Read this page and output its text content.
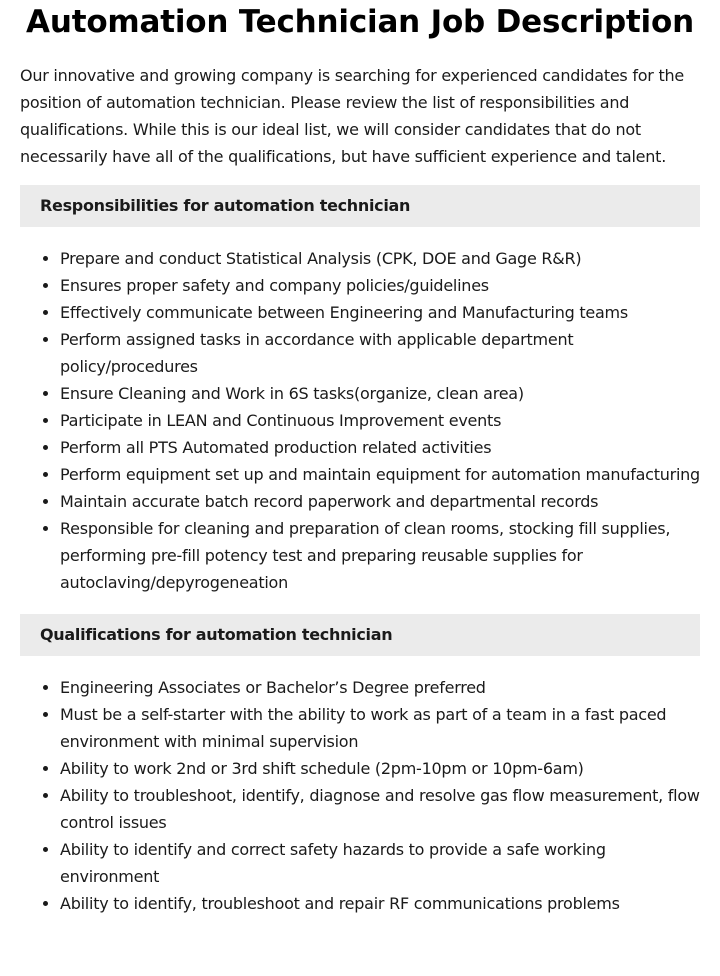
Automation Technician Job Description

Our innovative and growing company is searching for experienced candidates for the position of automation technician. Please review the list of responsibilities and qualifications. While this is our ideal list, we will consider candidates that do not necessarily have all of the qualifications, but have sufficient experience and talent.

Responsibilities for automation technician
• Prepare and conduct Statistical Analysis (CPK, DOE and Gage R&R)
• Ensures proper safety and company policies/guidelines
• Effectively communicate between Engineering and Manufacturing teams
• Perform assigned tasks in accordance with applicable department policy/procedures
• Ensure Cleaning and Work in 6S tasks(organize, clean area)
• Participate in LEAN and Continuous Improvement events
• Perform all PTS Automated production related activities
• Perform equipment set up and maintain equipment for automation manufacturing
• Maintain accurate batch record paperwork and departmental records
• Responsible for cleaning and preparation of clean rooms, stocking fill supplies, performing pre-fill potency test and preparing reusable supplies for autoclaving/depyrogeneation
Qualifications for automation technician
• Engineering Associates or Bachelor’s Degree preferred
• Must be a self-starter with the ability to work as part of a team in a fast paced environment with minimal supervision
• Ability to work 2nd or 3rd shift schedule (2pm-10pm or 10pm-6am)
• Ability to troubleshoot, identify, diagnose and resolve gas flow measurement, flow control issues
• Ability to identify and correct safety hazards to provide a safe working environment
• Ability to identify, troubleshoot and repair RF communications problems
